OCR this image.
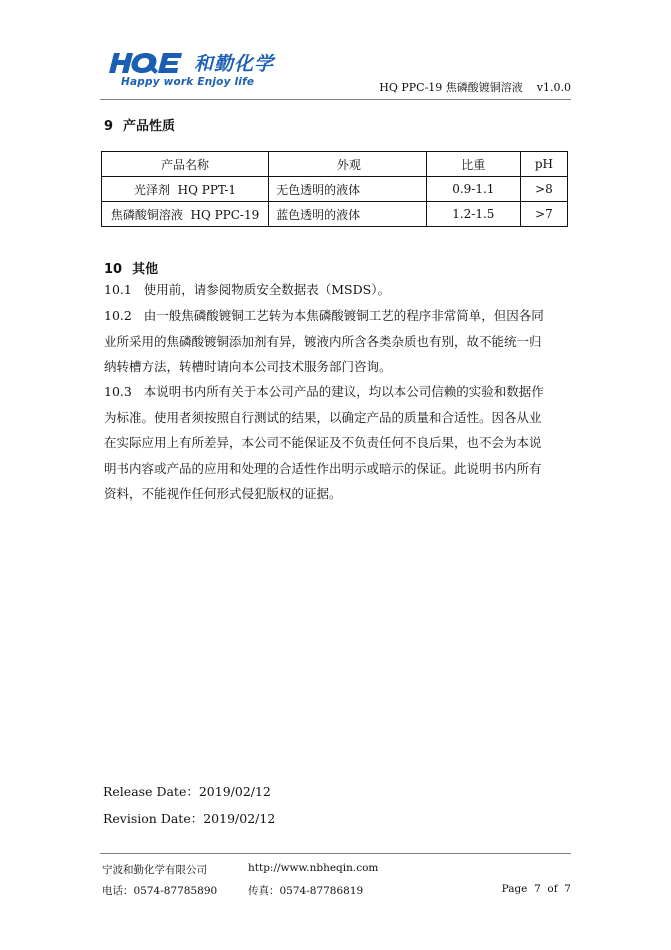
和勤化学
Happy work Enjoy life	HQ PPC-19 焦磷酸镀铜溶液    v1.0.0
9 产品性质
产品名称	外观	比重	pH
光泽剂  HQ PPT-1	无色透明的液体	0.9-1.1	>8
焦磷酸铜溶液  HQ PPC-19	蓝色透明的液体	1.2-1.5	>7
10 其他
10.1   使用前，请参阅物质安全数据表（MSDS）。
10.2   由一般焦磷酸镀铜工艺转为本焦磷酸镀铜工艺的程序非常简单，但因各同
业所采用的焦磷酸镀铜添加剂有异，镀液内所含各类杂质也有别，故不能统一归
纳转槽方法，转槽时请向本公司技术服务部门咨询。
10.3   本说明书内所有关于本公司产品的建议，均以本公司信赖的实验和数据作
为标准。使用者须按照自行测试的结果，以确定产品的质量和合适性。因各从业
在实际应用上有所差异，本公司不能保证及不负责任何不良后果，也不会为本说
明书内容或产品的应用和处理的合适性作出明示或暗示的保证。此说明书内所有
资料，不能视作任何形式侵犯版权的证据。
Release Date：2019/02/12
Revision Date：2019/02/12
宁波和勤化学有限公司	http://www.nbheqin.com
电话：0574-87785890	传真：0574-87786819	Page  7  of  7
